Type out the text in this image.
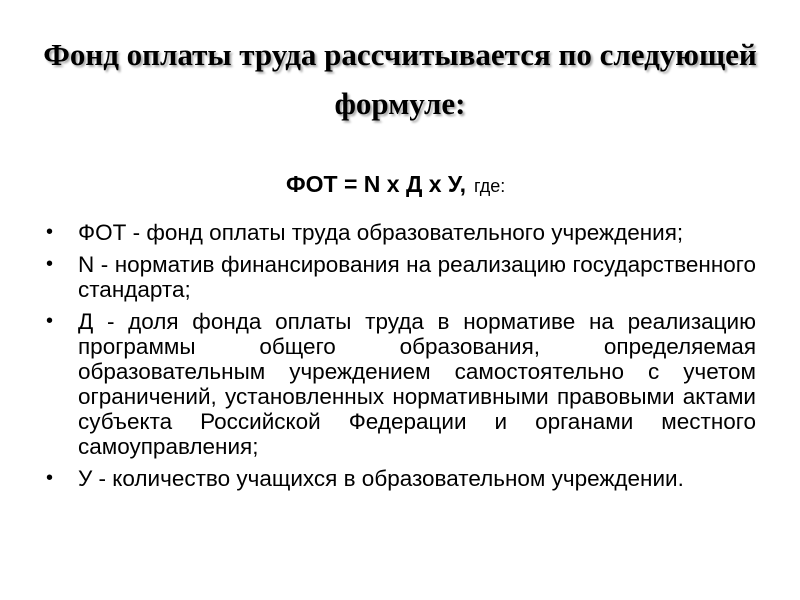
Фонд оплаты труда рассчитывается по следующей формуле:
ФОТ = N х Д х У, где:
• ФОТ - фонд оплаты труда образовательного учреждения;
• N - норматив финансирования на реализацию государственного стандарта;
• Д - доля фонда оплаты труда в нормативе на реализацию программы общего образования, определяемая образовательным учреждением самостоятельно с учетом ограничений, установленных нормативными правовыми актами субъекта Российской Федерации и органами местного самоуправления;
• У - количество учащихся в образовательном учреждении.
